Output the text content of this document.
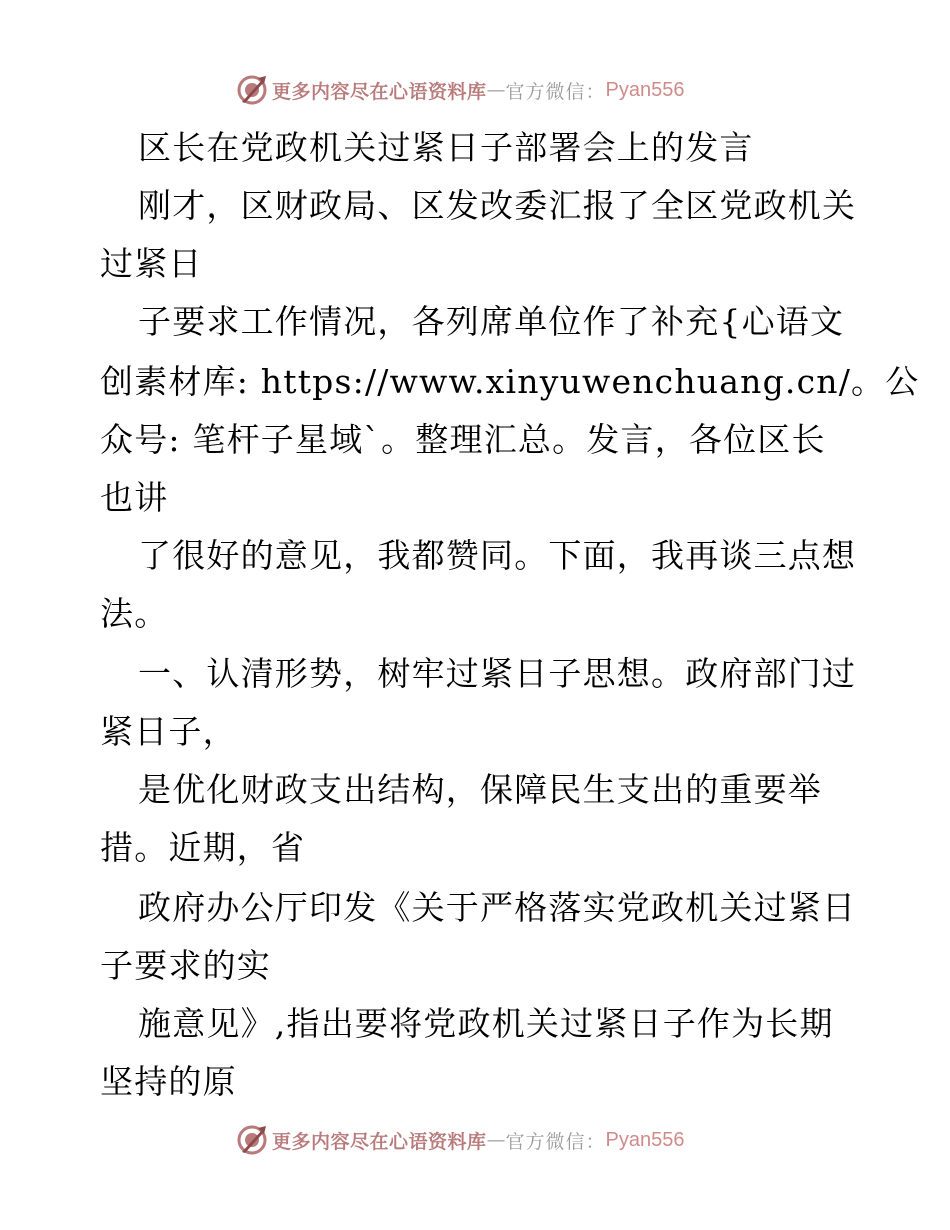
更多内容尽在心语资料库 — 官方微信： Pyan556

区长在党政机关过紧日子部署会上的发言

刚才，区财政局、区发改委汇报了全区党政机关

过紧日

子要求工作情况，各列席单位作了补充{心语文

创素材库: https://www.xinyuwenchuang.cn/。公

众号: 笔杆子星域`。整理汇总。发言，各位区长

也讲

了很好的意见，我都赞同。下面，我再谈三点想

法。

一、认清形势，树牢过紧日子思想。政府部门过

紧日子，

是优化财政支出结构，保障民生支出的重要举

措。近期，省

政府办公厅印发《关于严格落实党政机关过紧日

子要求的实

施意见》,指出要将党政机关过紧日子作为长期

坚持的原

更多内容尽在心语资料库 — 官方微信： Pyan556
